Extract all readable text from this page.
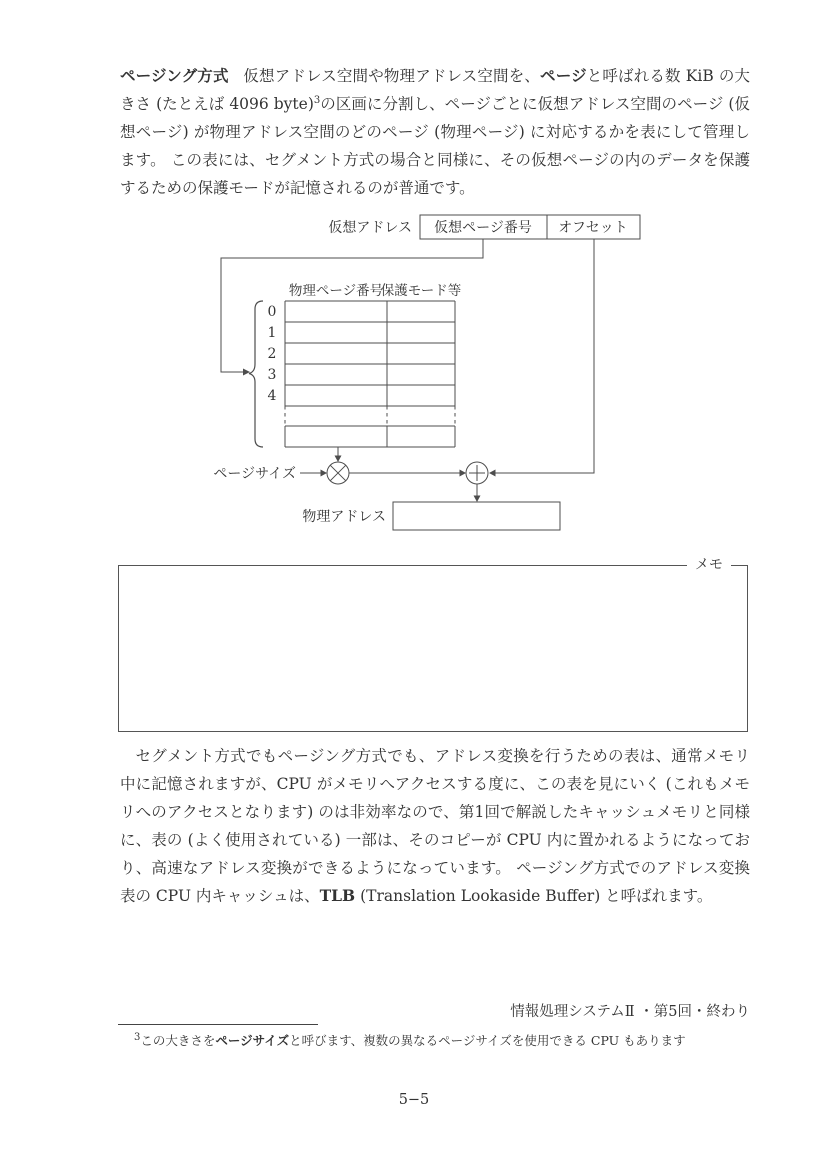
ページング方式 仮想アドレス空間や物理アドレス空間を、ページと呼ばれる数 KiB の大きさ (たとえば 4096 byte)$^3$の区画に分割し、ページごとに仮想アドレス空間のページ (仮想ページ) が物理アドレス空間のどのページ (物理ページ) に対応するかを表にして管理します。 この表には、セグメント方式の場合と同様に、その仮想ページの内のデータを保護するための保護モードが記憶されるのが普通です。
仮想アドレス 仮想ページ番号 オフセット
物理ページ番号
保護モード等
0
1
2
3
4
ページサイズ
物理アドレス
メモ
セグメント方式でもページング方式でも、アドレス変換を行うための表は、通常メモリ中に記憶されますが、CPU がメモリへアクセスする度に、この表を見にいく (これもメモリへのアクセスとなります) のは非効率なので、第1回で解説したキャッシュメモリと同様に、表の (よく使用されている) 一部は、そのコピーが CPU 内に置かれるようになっており、高速なアドレス変換ができるようになっています。 ページング方式でのアドレス変換表の CPU 内キャッシュは、TLB (Translation Lookaside Buffer) と呼ばれます。
情報処理システムⅡ ・第5回・終わり
$^3$この大きさをページサイズと呼びます、複数の異なるページサイズを使用できる CPU もあります
5−5
